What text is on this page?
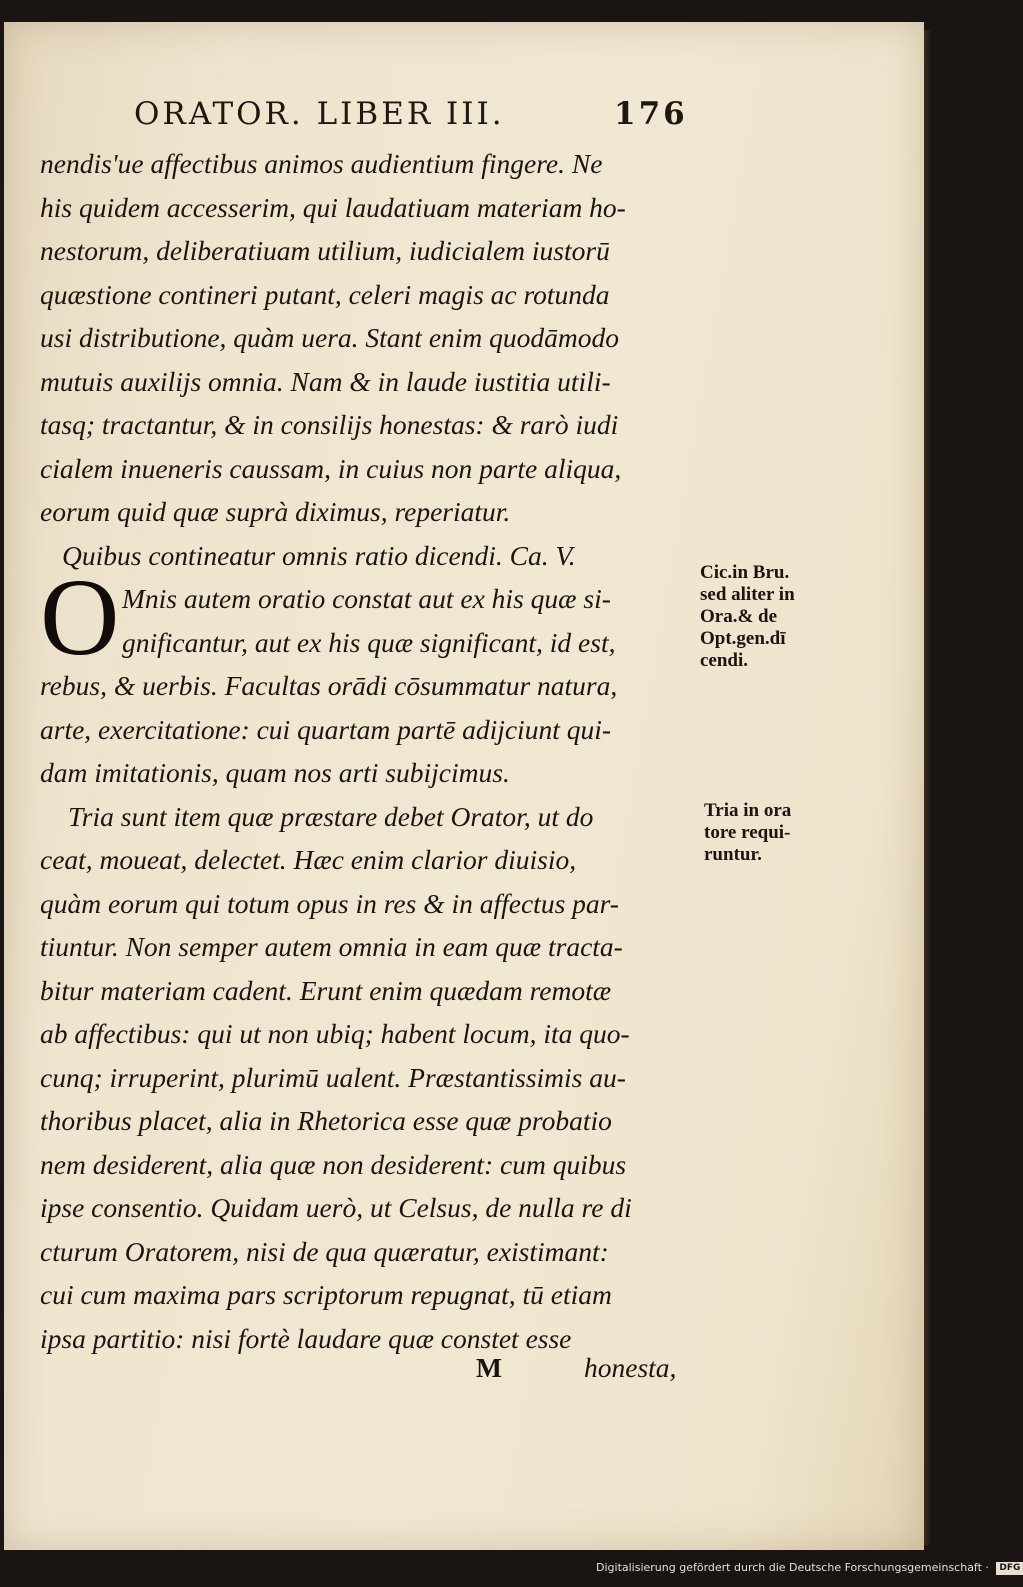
ORATOR. LIBER III.	176
O
nendis'ue affectibus animos audientium fingere. Ne
his quidem accesserim, qui laudatiuam materiam ho-
nestorum, deliberatiuam utilium, iudicialem iustorū
quæstione contineri putant, celeri magis ac rotunda
usi distributione, quàm uera. Stant enim quodāmodo
mutuis auxilijs omnia. Nam & in laude iustitia utili-
tasq; tractantur, & in consilijs honestas: & rarò iudi
cialem inueneris caussam, in cuius non parte aliqua,
eorum quid quæ suprà diximus, reperiatur.
Quibus contineatur omnis ratio dicendi. Ca. V.
Mnis autem oratio constat aut ex his quæ si-
gnificantur, aut ex his quæ significant, id est,
rebus, & uerbis. Facultas orādi cōsummatur natura,
arte, exercitatione: cui quartam partē adijciunt qui-
dam imitationis, quam nos arti subijcimus.
Tria sunt item quæ præstare debet Orator, ut do
ceat, moueat, delectet. Hæc enim clarior diuisio,
quàm eorum qui totum opus in res & in affectus par-
tiuntur. Non semper autem omnia in eam quæ tracta-
bitur materiam cadent. Erunt enim quædam remotæ
ab affectibus: qui ut non ubiq; habent locum, ita quo-
cunq; irruperint, plurimū ualent. Præstantissimis au-
thoribus placet, alia in Rhetorica esse quæ probatio
nem desiderent, alia quæ non desiderent: cum quibus
ipse consentio. Quidam uerò, ut Celsus, de nulla re di
cturum Oratorem, nisi de qua quæratur, existimant:
cui cum maxima pars scriptorum repugnat, tū etiam
ipsa partitio: nisi fortè laudare quæ constet esse
M	honesta,
Cic.in Bru.
sed aliter in
Ora.& de
Opt.gen.dī
cendi.
Tria in ora
tore requi-
runtur.
Digitalisierung gefördert durch die Deutsche Forschungsgemeinschaft · DFG
